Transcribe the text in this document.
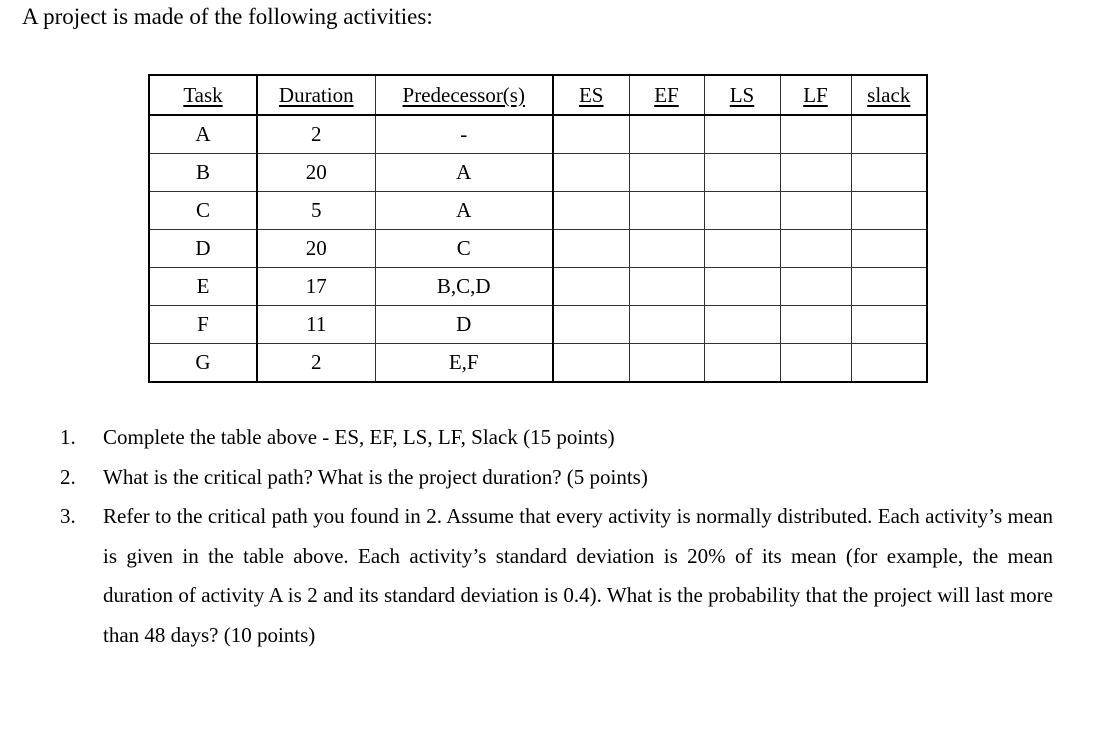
A project is made of the following activities:
Task	Duration	Predecessor(s)	ES	EF	LS	LF	slack
A	2	-					
B	20	A					
C	5	A					
D	20	C					
E	17	B,C,D					
F	11	D					
G	2	E,F					
1. Complete the table above - ES, EF, LS, LF, Slack (15 points)
2. What is the critical path? What is the project duration? (5 points)
3. Refer to the critical path you found in 2. Assume that every activity is normally distributed. Each activity’s mean is given in the table above. Each activity’s standard deviation is 20% of its mean (for example, the mean duration of activity A is 2 and its standard deviation is 0.4). What is the probability that the project will last more than 48 days? (10 points)
